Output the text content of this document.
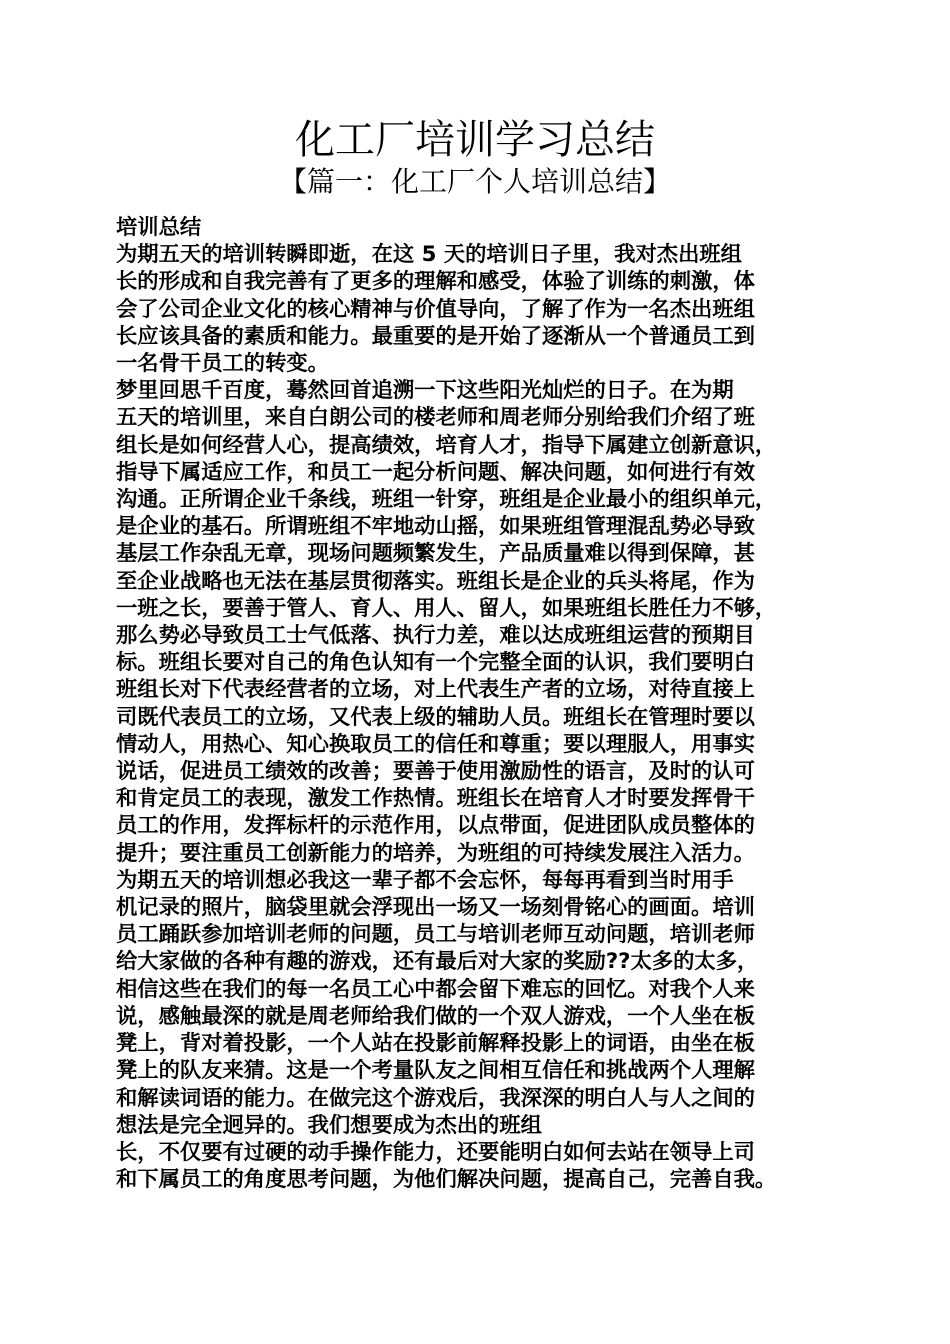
化工厂培训学习总结
【篇一：化工厂个人培训总结】
培训总结
为期五天的培训转瞬即逝，在这 5 天的培训日子里，我对杰出班组
长的形成和自我完善有了更多的理解和感受，体验了训练的刺激，体
会了公司企业文化的核心精神与价值导向，了解了作为一名杰出班组
长应该具备的素质和能力。最重要的是开始了逐渐从一个普通员工到
一名骨干员工的转变。
梦里回思千百度，蓦然回首追溯一下这些阳光灿烂的日子。在为期
五天的培训里，来自白朗公司的楼老师和周老师分别给我们介绍了班
组长是如何经营人心，提高绩效，培育人才，指导下属建立创新意识，
指导下属适应工作，和员工一起分析问题、解决问题，如何进行有效
沟通。正所谓企业千条线，班组一针穿，班组是企业最小的组织单元，
是企业的基石。所谓班组不牢地动山摇，如果班组管理混乱势必导致
基层工作杂乱无章，现场问题频繁发生，产品质量难以得到保障，甚
至企业战略也无法在基层贯彻落实。班组长是企业的兵头将尾，作为
一班之长，要善于管人、育人、用人、留人，如果班组长胜任力不够，
那么势必导致员工士气低落、执行力差，难以达成班组运营的预期目
标。班组长要对自己的角色认知有一个完整全面的认识，我们要明白
班组长对下代表经营者的立场，对上代表生产者的立场，对待直接上
司既代表员工的立场，又代表上级的辅助人员。班组长在管理时要以
情动人，用热心、知心换取员工的信任和尊重；要以理服人，用事实
说话，促进员工绩效的改善；要善于使用激励性的语言，及时的认可
和肯定员工的表现，激发工作热情。班组长在培育人才时要发挥骨干
员工的作用，发挥标杆的示范作用，以点带面，促进团队成员整体的
提升；要注重员工创新能力的培养，为班组的可持续发展注入活力。
为期五天的培训想必我这一辈子都不会忘怀，每每再看到当时用手
机记录的照片，脑袋里就会浮现出一场又一场刻骨铭心的画面。培训
员工踊跃参加培训老师的问题，员工与培训老师互动问题，培训老师
给大家做的各种有趣的游戏，还有最后对大家的奖励??太多的太多，
相信这些在我们的每一名员工心中都会留下难忘的回忆。对我个人来
说，感触最深的就是周老师给我们做的一个双人游戏，一个人坐在板
凳上，背对着投影，一个人站在投影前解释投影上的词语，由坐在板
凳上的队友来猜。这是一个考量队友之间相互信任和挑战两个人理解
和解读词语的能力。在做完这个游戏后，我深深的明白人与人之间的
想法是完全迥异的。我们想要成为杰出的班组
长，不仅要有过硬的动手操作能力，还要能明白如何去站在领导上司
和下属员工的角度思考问题，为他们解决问题，提高自己，完善自我。
